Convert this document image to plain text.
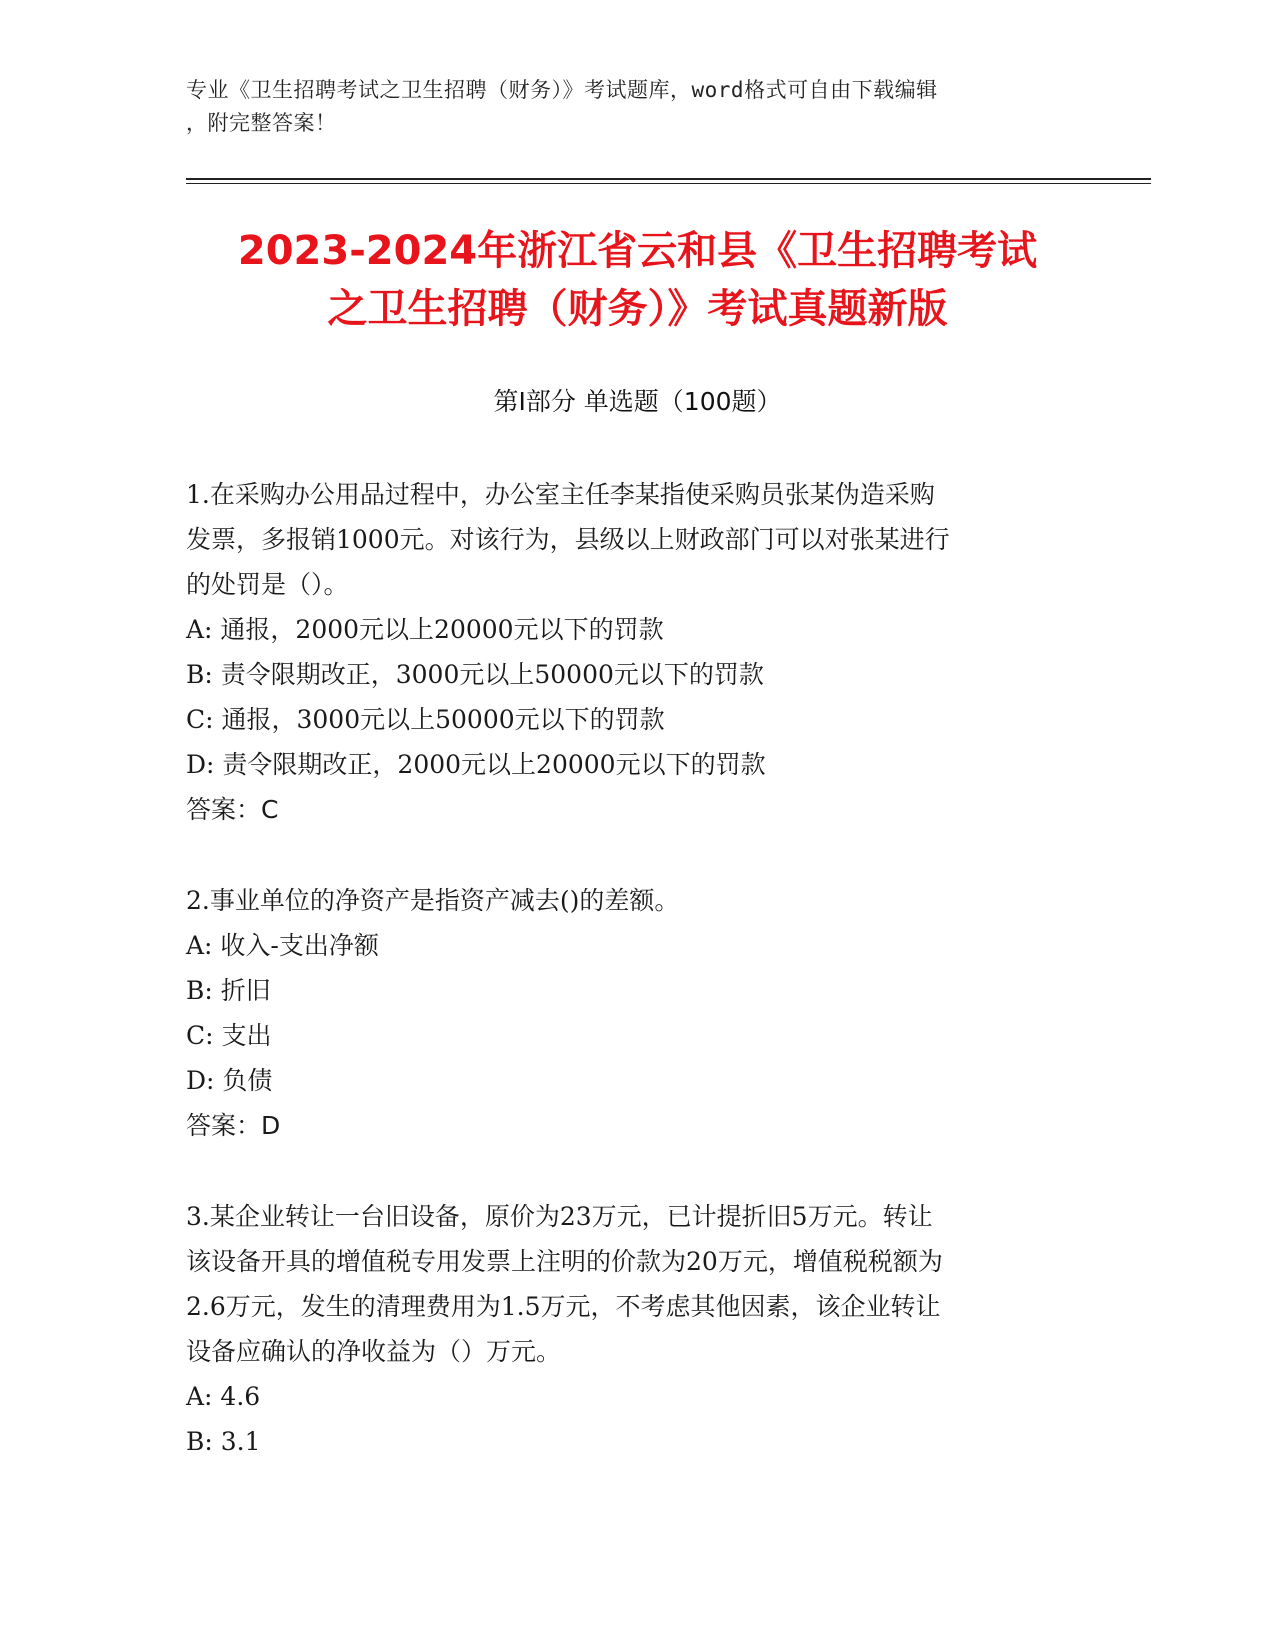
专业《卫生招聘考试之卫生招聘（财务）》考试题库，word格式可自由下载编辑
，附完整答案！
2023-2024年浙江省云和县《卫生招聘考试
之卫生招聘（财务）》考试真题新版
第Ⅰ部分 单选题（100题）

1.在采购办公用品过程中，办公室主任李某指使采购员张某伪造采购

发票，多报销1000元。对该行为，县级以上财政部门可以对张某进行

的处罚是（）。

A: 通报，2000元以上20000元以下的罚款

B: 责令限期改正，3000元以上50000元以下的罚款

C: 通报，3000元以上50000元以下的罚款

D: 责令限期改正，2000元以上20000元以下的罚款

答案：C

2.事业单位的净资产是指资产减去()的差额。

A: 收入-支出净额

B: 折旧

C: 支出

D: 负债

答案：D

3.某企业转让一台旧设备，原价为23万元，已计提折旧5万元。转让

该设备开具的增值税专用发票上注明的价款为20万元，增值税税额为

2.6万元，发生的清理费用为1.5万元，不考虑其他因素，该企业转让

设备应确认的净收益为（）万元。

A: 4.6

B: 3.1
